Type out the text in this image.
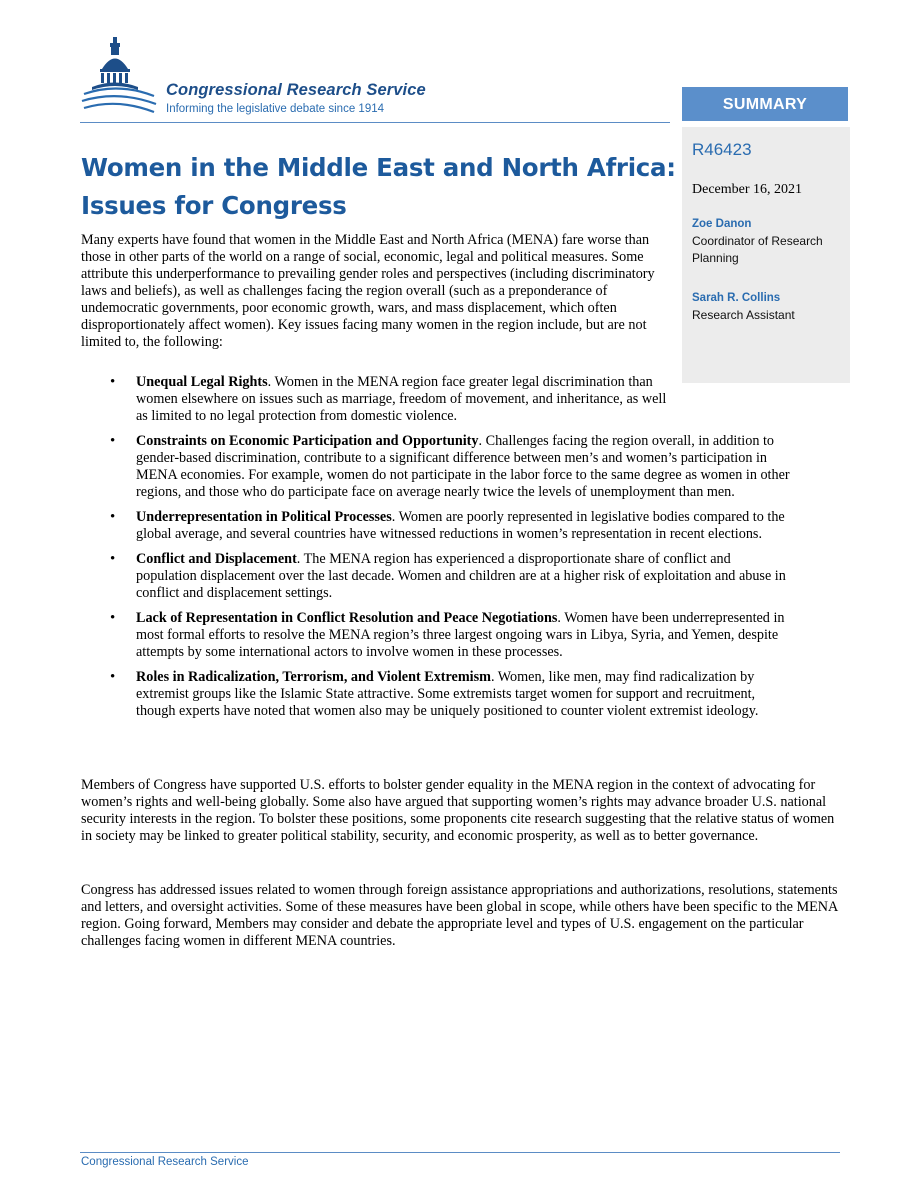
Congressional Research Service
Informing the legislative debate since 1914	SUMMARY
R46423
December 16, 2021
Zoe Danon
Coordinator of Research Planning
Sarah R. Collins
Research Assistant
Women in the Middle East and North Africa: Issues for Congress

Many experts have found that women in the Middle East and North Africa (MENA) fare worse than those in other parts of the world on a range of social, economic, legal and political measures. Some attribute this underperformance to prevailing gender roles and perspectives (including discriminatory laws and beliefs), as well as challenges facing the region overall (such as a preponderance of undemocratic governments, poor economic growth, wars, and mass displacement, which often disproportionately affect women). Key issues facing many women in the region include, but are not limited to, the following:

• Unequal Legal Rights. Women in the MENA region face greater legal discrimination than women elsewhere on issues such as marriage, freedom of movement, and inheritance, as well as limited to no legal protection from domestic violence.
• Constraints on Economic Participation and Opportunity. Challenges facing the region overall, in addition to gender-based discrimination, contribute to a significant difference between men’s and women’s participation in MENA economies. For example, women do not participate in the labor force to the same degree as women in other regions, and those who do participate face on average nearly twice the levels of unemployment than men.
• Underrepresentation in Political Processes. Women are poorly represented in legislative bodies compared to the global average, and several countries have witnessed reductions in women’s representation in recent elections.
• Conflict and Displacement. The MENA region has experienced a disproportionate share of conflict and population displacement over the last decade. Women and children are at a higher risk of exploitation and abuse in conflict and displacement settings.
• Lack of Representation in Conflict Resolution and Peace Negotiations. Women have been underrepresented in most formal efforts to resolve the MENA region’s three largest ongoing wars in Libya, Syria, and Yemen, despite attempts by some international actors to involve women in these processes.
• Roles in Radicalization, Terrorism, and Violent Extremism. Women, like men, may find radicalization by extremist groups like the Islamic State attractive. Some extremists target women for support and recruitment, though experts have noted that women also may be uniquely positioned to counter violent extremist ideology.

Members of Congress have supported U.S. efforts to bolster gender equality in the MENA region in the context of advocating for women’s rights and well-being globally. Some also have argued that supporting women’s rights may advance broader U.S. national security interests in the region. To bolster these positions, some proponents cite research suggesting that the relative status of women in society may be linked to greater political stability, security, and economic prosperity, as well as to better governance.

Congress has addressed issues related to women through foreign assistance appropriations and authorizations, resolutions, statements and letters, and oversight activities. Some of these measures have been global in scope, while others have been specific to the MENA region. Going forward, Members may consider and debate the appropriate level and types of U.S. engagement on the particular challenges facing women in different MENA countries.

Congressional Research Service
